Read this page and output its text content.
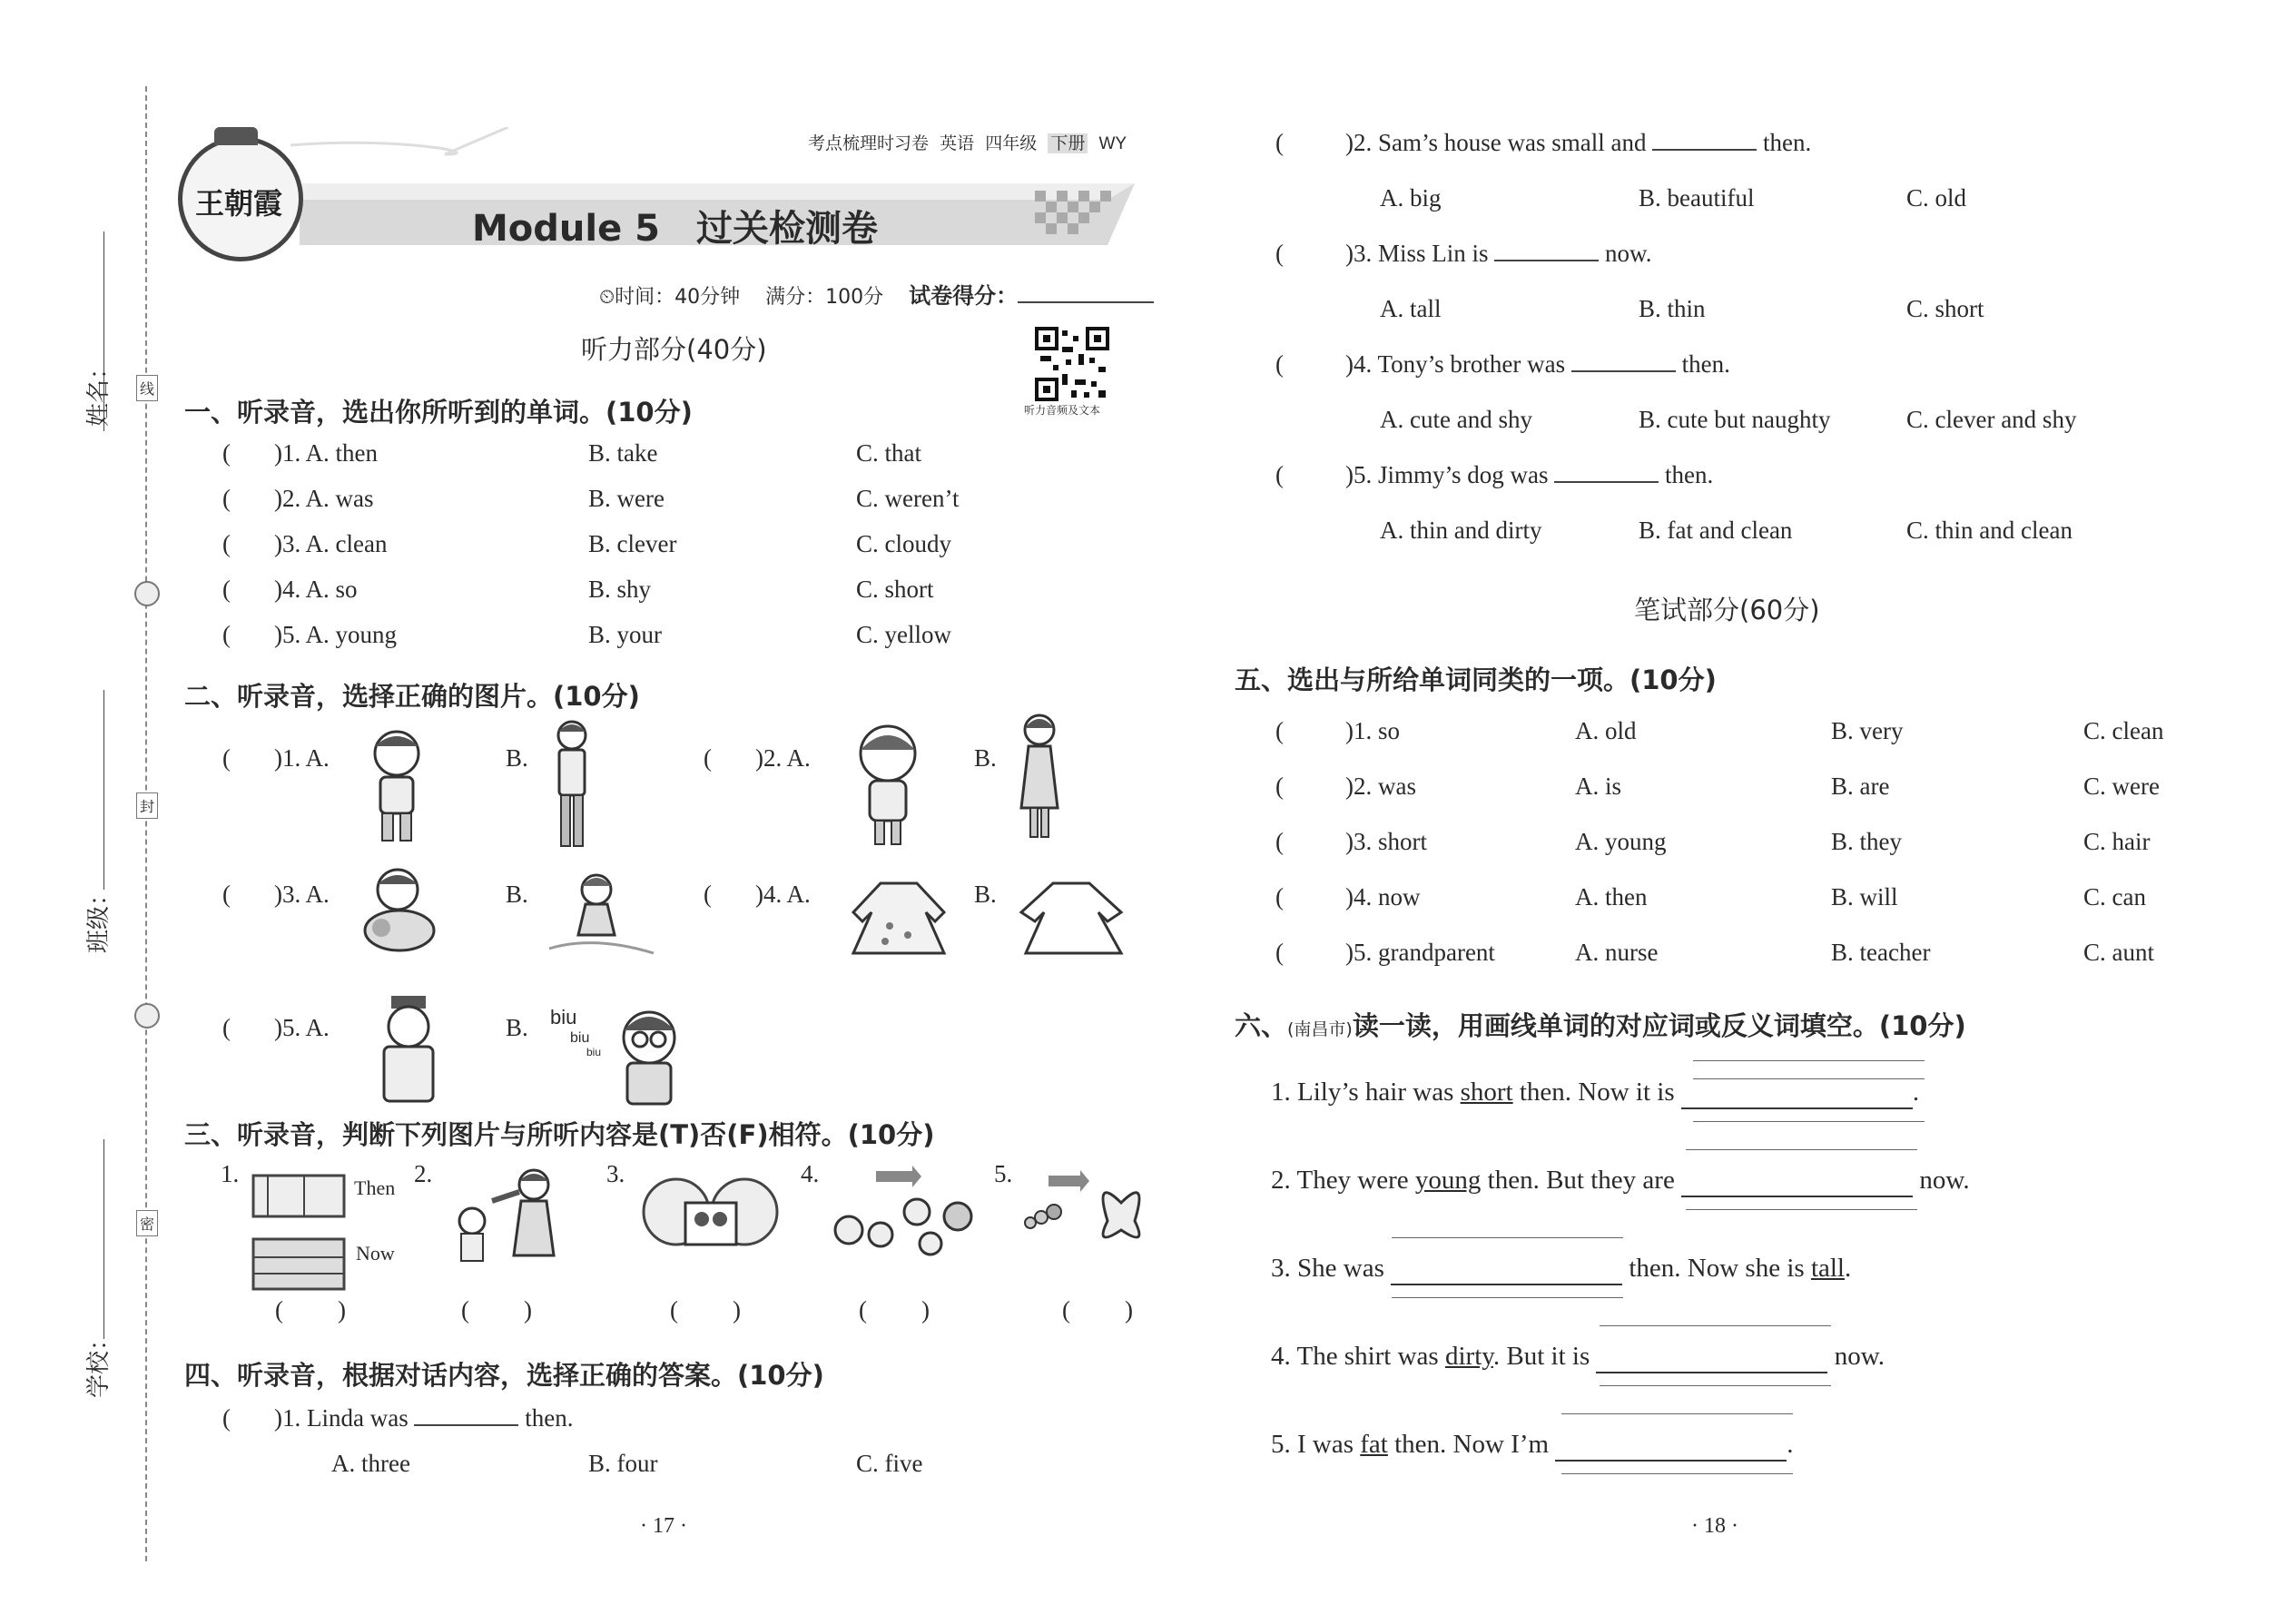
姓名：
班级：
学校：
线
封
密
王朝霞
考点梳理时习卷 英语 四年级 下册 WY
Module 5　过关检测卷
⏲时间：40分钟 满分：100分 试卷得分：
听力部分(40分)
听力音频及文本
一、听录音，选出你所听到的单词。(10分)
( )1. A. then	B. take	C. that
( )2. A. was	B. were	C. weren’t
( )3. A. clean	B. clever	C. cloudy
( )4. A. so	B. shy	C. short
( )5. A. young	B. your	C. yellow
二、听录音，选择正确的图片。(10分)
( )1. A.	B.	( )2. A.	B.
( )3. A.	B.	( )4. A.	B.
( )5. A.	B. biu
biu
biu
三、听录音，判断下列图片与所听内容是(T)否(F)相符。(10分)
1.	2.	3.	4.	5.
Then
Now
( )	( )	( )	( )	( )
四、听录音，根据对话内容，选择正确的答案。(10分)
( )1. Linda was	then.
A. three	B. four	C. five
(	)2. Sam’s house was small and	then.
A. big	B. beautiful	C. old
(	)3. Miss Lin is	now.
A. tall	B. thin	C. short
(	)4. Tony’s brother was	then.
A. cute and shy	B. cute but naughty	C. clever and shy
(	)5. Jimmy’s dog was	then.
A. thin and dirty	B. fat and clean	C. thin and clean
笔试部分(60分)
五、选出与所给单词同类的一项。(10分)
(	)1. so	A. old	B. very	C. clean
(	)2. was	A. is	B. are	C. were
(	)3. short	A. young	B. they	C. hair
(	)4. now	A. then	B. will	C. can
(	)5. grandparent	A. nurse	B. teacher	C. aunt
六、(南昌市)读一读，用画线单词的对应词或反义词填空。(10分)
1. Lily’s hair was short then. Now it is	.
2. They were young then. But they are	now.
3. She was	then. Now she is tall.
4. The shirt was dirty. But it is	now.
5. I was fat then. Now I’m	.
· 17 ·	· 18 ·
